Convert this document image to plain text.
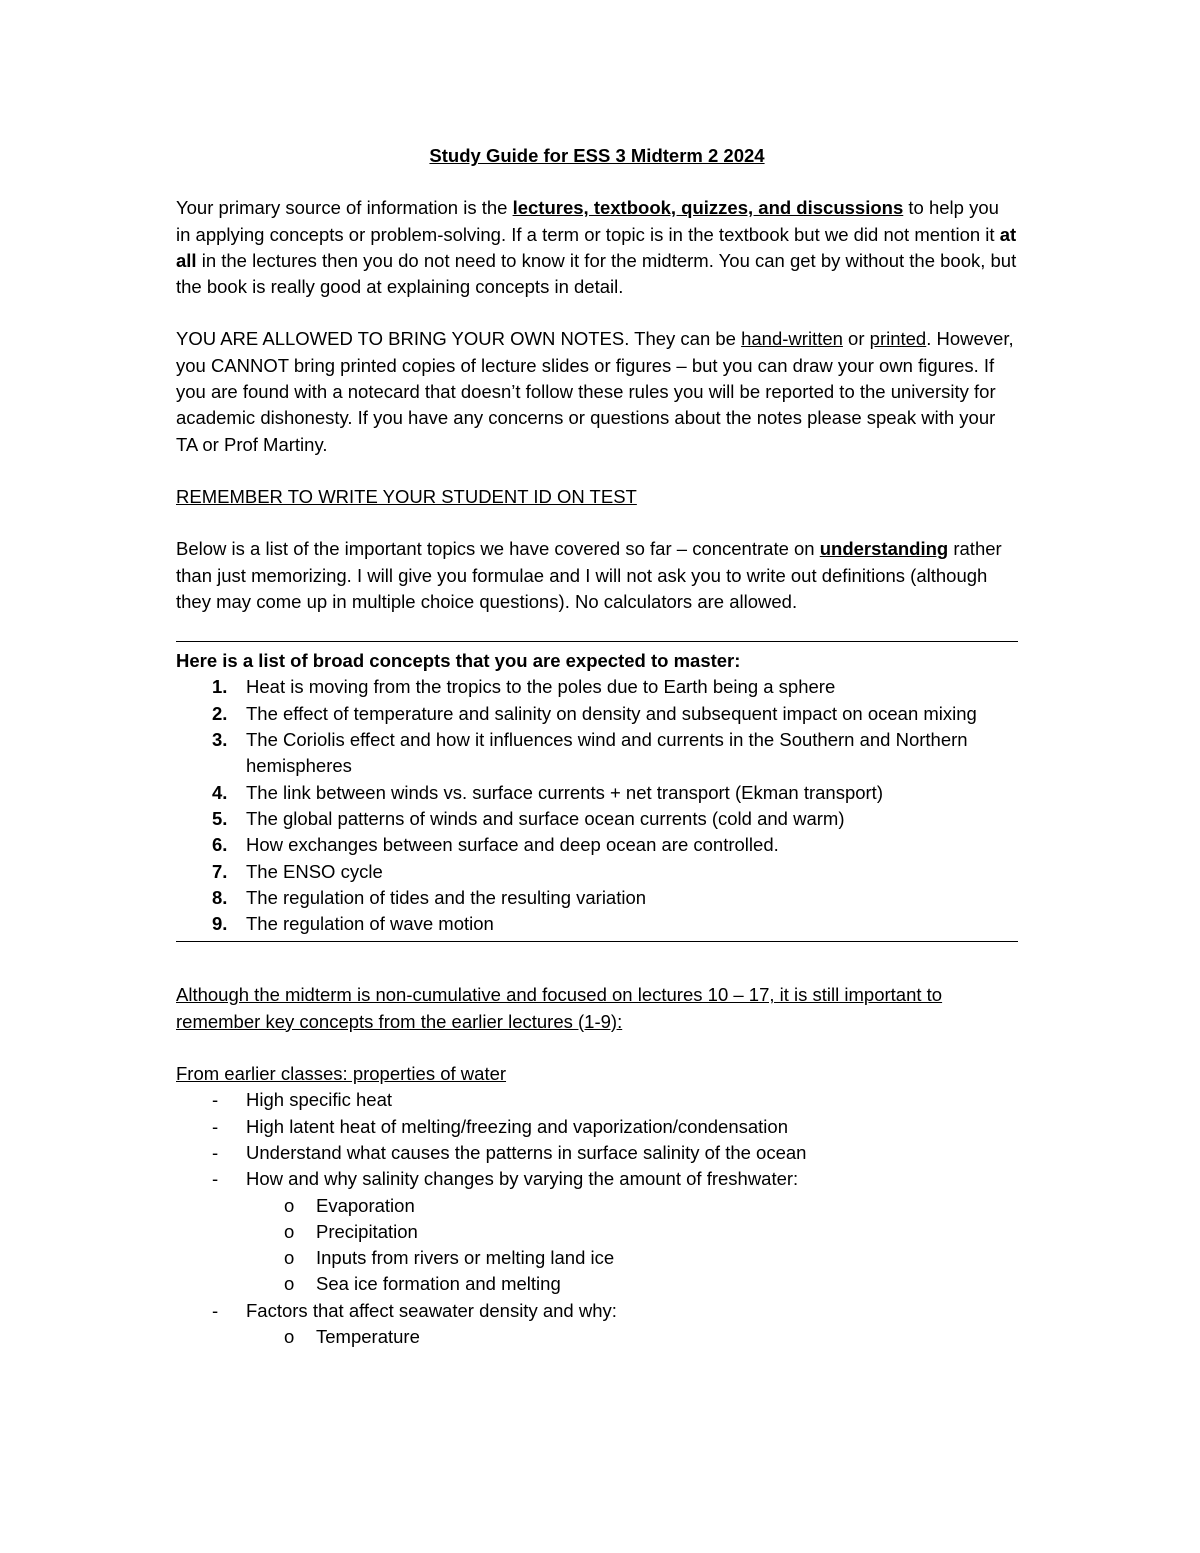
Study Guide for ESS 3 Midterm 2 2024

Your primary source of information is the lectures, textbook, quizzes, and discussions to help you in applying concepts or problem-solving. If a term or topic is in the textbook but we did not mention it at all in the lectures then you do not need to know it for the midterm. You can get by without the book, but the book is really good at explaining concepts in detail.

YOU ARE ALLOWED TO BRING YOUR OWN NOTES. They can be hand-written or printed. However, you CANNOT bring printed copies of lecture slides or figures – but you can draw your own figures. If you are found with a notecard that doesn’t follow these rules you will be reported to the university for academic dishonesty. If you have any concerns or questions about the notes please speak with your TA or Prof Martiny.

REMEMBER TO WRITE YOUR STUDENT ID ON TEST

Below is a list of the important topics we have covered so far – concentrate on understanding rather than just memorizing. I will give you formulae and I will not ask you to write out definitions (although they may come up in multiple choice questions). No calculators are allowed.

Here is a list of broad concepts that you are expected to master:
1.	Heat is moving from the tropics to the poles due to Earth being a sphere
2.	The effect of temperature and salinity on density and subsequent impact on ocean mixing
3.	The Coriolis effect and how it influences wind and currents in the Southern and Northern hemispheres
4.	The link between winds vs. surface currents + net transport (Ekman transport)
5.	The global patterns of winds and surface ocean currents (cold and warm)
6.	How exchanges between surface and deep ocean are controlled.
7.	The ENSO cycle
8.	The regulation of tides and the resulting variation
9.	The regulation of wave motion

Although the midterm is non-cumulative and focused on lectures 10 – 17, it is still important to remember key concepts from the earlier lectures (1-9):

From earlier classes: properties of water
- High specific heat
- High latent heat of melting/freezing and vaporization/condensation
- Understand what causes the patterns in surface salinity of the ocean
- How and why salinity changes by varying the amount of freshwater:
o Evaporation
o Precipitation
o Inputs from rivers or melting land ice
o Sea ice formation and melting
- Factors that affect seawater density and why:
o Temperature
